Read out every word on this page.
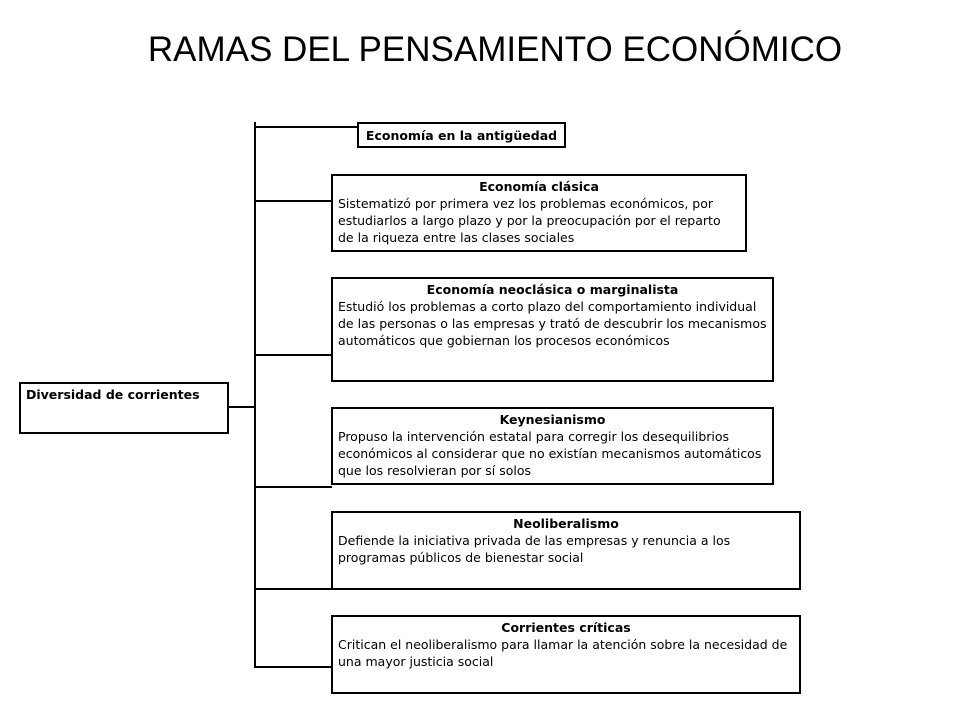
RAMAS DEL PENSAMIENTO ECONÓMICO
Diversidad de corrientes
Economía en la antigüedad
Economía clásica
Sistematizó por primera vez los problemas económicos, por estudiarlos a largo plazo y por la preocupación por el reparto de la riqueza entre las clases sociales
Economía neoclásica o marginalista
Estudió los problemas a corto plazo del comportamiento individual de las personas o las empresas y trató de descubrir los mecanismos automáticos que gobiernan los procesos económicos
Keynesianismo
Propuso la intervención estatal para corregir los desequilibrios económicos al considerar que no existían mecanismos automáticos que los resolvieran por sí solos
Neoliberalismo
Defiende la iniciativa privada de las empresas y renuncia a los programas públicos de bienestar social
Corrientes críticas
Critican el neoliberalismo para llamar la atención sobre la necesidad de una mayor justicia social
